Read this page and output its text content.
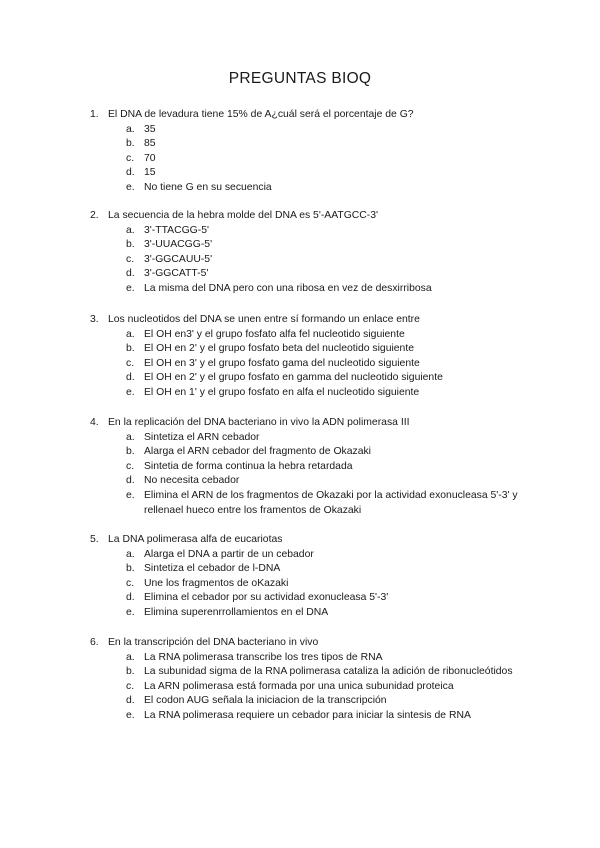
PREGUNTAS BIOQ
1. El DNA de levadura tiene 15% de A¿cuál será el porcentaje de G?
a. 35
b. 85
c. 70
d. 15
e. No tiene G en su secuencia
2. La secuencia de la hebra molde del DNA es 5'-AATGCC-3'
a. 3'-TTACGG-5'
b. 3'-UUACGG-5'
c. 3'-GGCAUU-5'
d. 3'-GGCATT-5'
e. La misma del DNA pero con una ribosa en vez de desxirribosa
3. Los nucleotidos del DNA se unen entre sí formando un enlace entre
a. El OH en3' y el grupo fosfato alfa fel nucleotido siguiente
b. El OH en 2' y el grupo fosfato beta del nucleotido siguiente
c. El OH en 3' y el grupo fosfato gama del nucleotido siguiente
d. El OH en 2' y el grupo fosfato en gamma del nucleotido siguiente
e. El OH en 1' y el grupo fosfato en alfa el nucleotido siguiente
4. En la replicación del DNA bacteriano in vivo la ADN polimerasa III
a. Sintetiza el ARN cebador
b. Alarga el ARN cebador del fragmento de Okazaki
c. Sintetia de forma continua la hebra retardada
d. No necesita cebador
e. Elimina el ARN de los fragmentos de Okazaki por la actividad exonucleasa 5'-3' y rellenael hueco entre los framentos de Okazaki
5. La DNA polimerasa alfa de eucariotas
a. Alarga el DNA a partir de un cebador
b. Sintetiza el cebador de l-DNA
c. Une los fragmentos de oKazaki
d. Elimina el cebador por su actividad exonucleasa 5'-3'
e. Elimina superenrrollamientos en el DNA
6. En la transcripción del DNA bacteriano in vivo
a. La RNA polimerasa transcribe los tres tipos de RNA
b. La subunidad sigma de la RNA polimerasa cataliza la adición de ribonucleótidos
c. La ARN polimerasa está formada por una unica subunidad proteica
d. El codon AUG señala la iniciacion de la transcripción
e. La RNA polimerasa requiere un cebador para iniciar la sintesis de RNA
